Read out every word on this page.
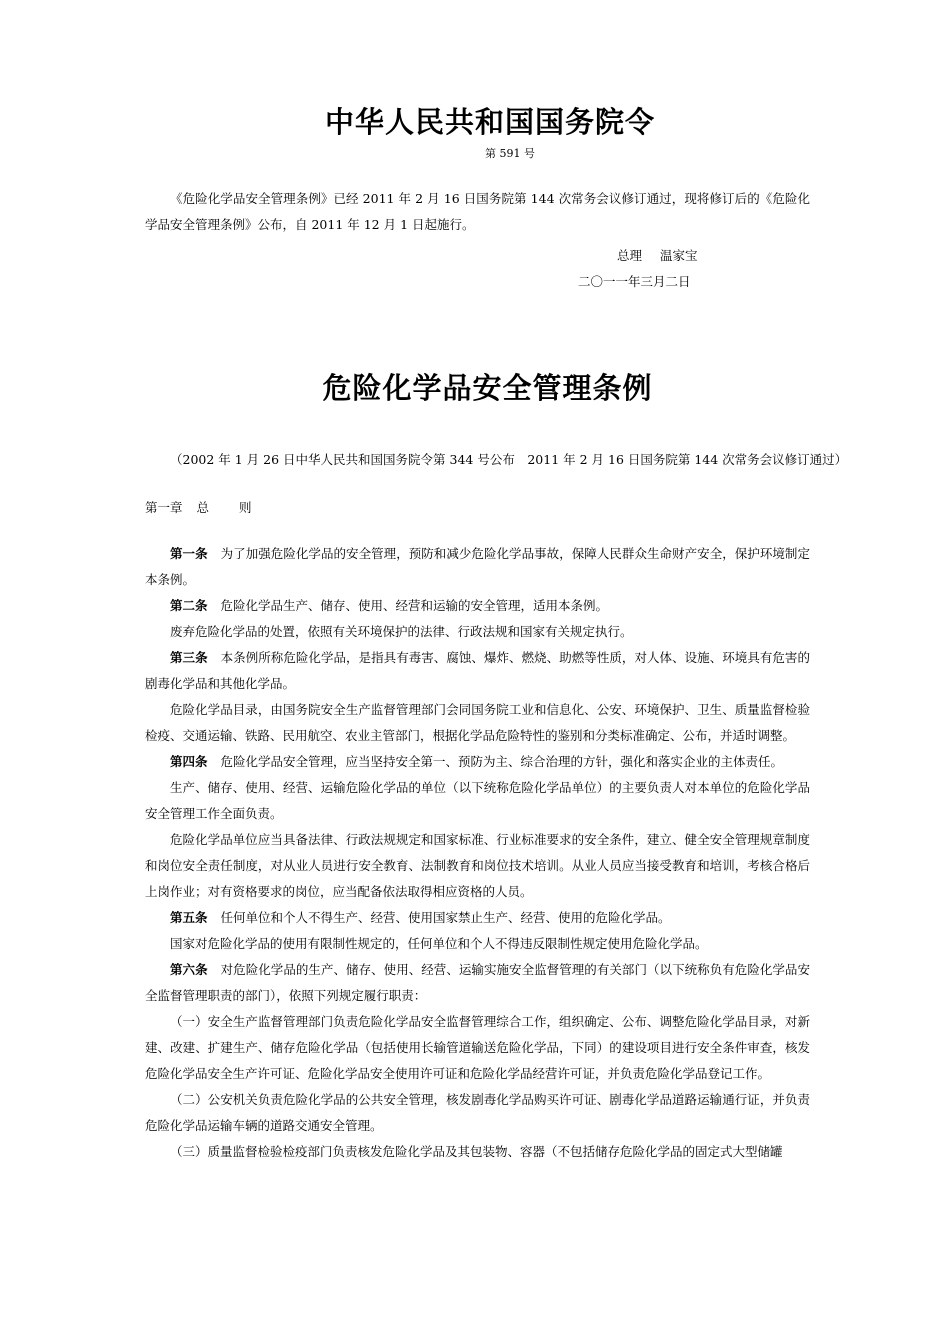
中华人民共和国国务院令
第 591 号
《危险化学品安全管理条例》已经 2011 年 2 月 16 日国务院第 144 次常务会议修订通过，现将修订后的《危险化学品安全管理条例》公布，自 2011 年 12 月 1 日起施行。
总理 温家宝
二〇一一年三月二日
危险化学品安全管理条例
（2002 年 1 月 26 日中华人民共和国国务院令第 344 号公布　2011 年 2 月 16 日国务院第 144 次常务会议修订通过）
第一章 总 则

第一条 为了加强危险化学品的安全管理，预防和减少危险化学品事故，保障人民群众生命财产安全，保护环境制定本条例。

第二条 危险化学品生产、储存、使用、经营和运输的安全管理，适用本条例。

废弃危险化学品的处置，依照有关环境保护的法律、行政法规和国家有关规定执行。

第三条 本条例所称危险化学品，是指具有毒害、腐蚀、爆炸、燃烧、助燃等性质，对人体、设施、环境具有危害的剧毒化学品和其他化学品。

危险化学品目录，由国务院安全生产监督管理部门会同国务院工业和信息化、公安、环境保护、卫生、质量监督检验检疫、交通运输、铁路、民用航空、农业主管部门，根据化学品危险特性的鉴别和分类标准确定、公布，并适时调整。

第四条 危险化学品安全管理，应当坚持安全第一、预防为主、综合治理的方针，强化和落实企业的主体责任。

生产、储存、使用、经营、运输危险化学品的单位（以下统称危险化学品单位）的主要负责人对本单位的危险化学品安全管理工作全面负责。

危险化学品单位应当具备法律、行政法规规定和国家标准、行业标准要求的安全条件，建立、健全安全管理规章制度和岗位安全责任制度，对从业人员进行安全教育、法制教育和岗位技术培训。从业人员应当接受教育和培训，考核合格后上岗作业；对有资格要求的岗位，应当配备依法取得相应资格的人员。

第五条 任何单位和个人不得生产、经营、使用国家禁止生产、经营、使用的危险化学品。

国家对危险化学品的使用有限制性规定的，任何单位和个人不得违反限制性规定使用危险化学品。

第六条 对危险化学品的生产、储存、使用、经营、运输实施安全监督管理的有关部门（以下统称负有危险化学品安全监督管理职责的部门），依照下列规定履行职责：

（一）安全生产监督管理部门负责危险化学品安全监督管理综合工作，组织确定、公布、调整危险化学品目录，对新建、改建、扩建生产、储存危险化学品（包括使用长输管道输送危险化学品，下同）的建设项目进行安全条件审查，核发危险化学品安全生产许可证、危险化学品安全使用许可证和危险化学品经营许可证，并负责危险化学品登记工作。

（二）公安机关负责危险化学品的公共安全管理，核发剧毒化学品购买许可证、剧毒化学品道路运输通行证，并负责危险化学品运输车辆的道路交通安全管理。

（三）质量监督检验检疫部门负责核发危险化学品及其包装物、容器（不包括储存危险化学品的固定式大型储罐
